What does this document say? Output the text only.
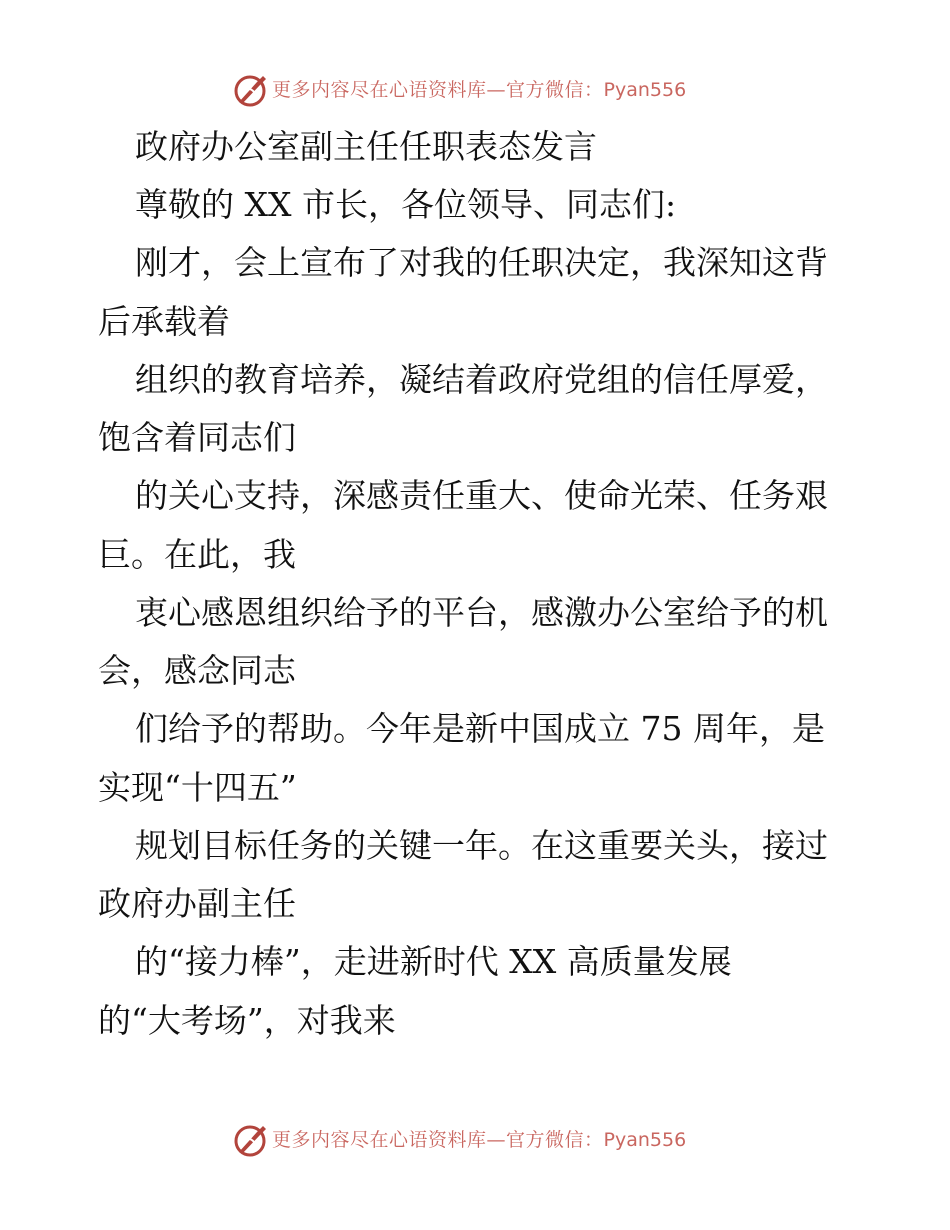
更多内容尽在心语资料库—官方微信：Pyan556
政府办公室副主任任职表态发言
尊敬的 XX 市长，各位领导、同志们:
刚才，会上宣布了对我的任职决定，我深知这背
后承载着
组织的教育培养，凝结着政府党组的信任厚爱，
饱含着同志们
的关心支持，深感责任重大、使命光荣、任务艰
巨。在此，我
衷心感恩组织给予的平台，感激办公室给予的机
会，感念同志
们给予的帮助。今年是新中国成立 75 周年，是
实现“十四五”
规划目标任务的关键一年。在这重要关头，接过
政府办副主任
的“接力棒”，走进新时代 XX 高质量发展
的“大考场”，对我来
更多内容尽在心语资料库—官方微信：Pyan556
